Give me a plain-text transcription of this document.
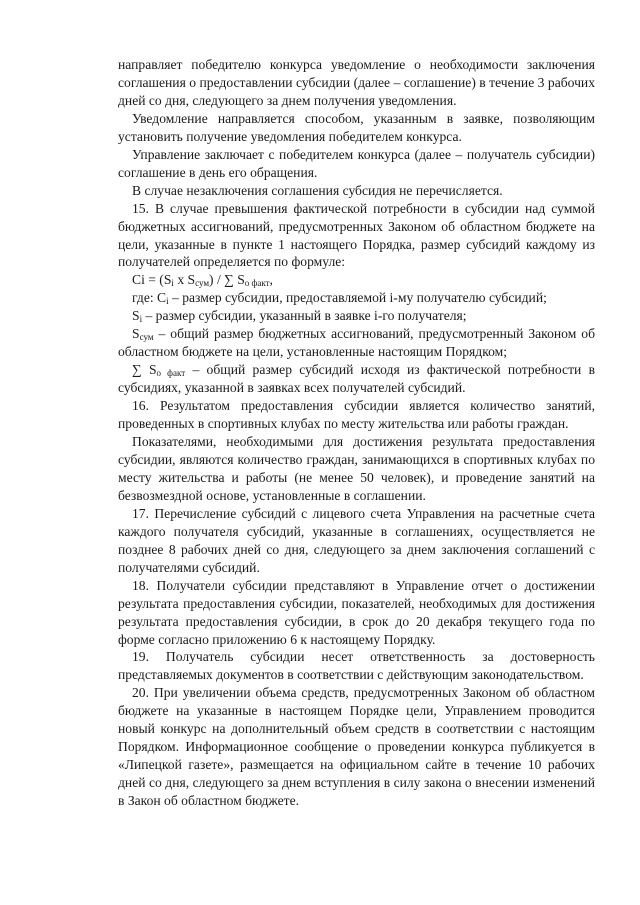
направляет победителю конкурса уведомление о необходимости заключения соглашения о предоставлении субсидии (далее – соглашение) в течение 3 рабочих дней со дня, следующего за днем получения уведомления.

Уведомление направляется способом, указанным в заявке, позволяющим установить получение уведомления победителем конкурса.

Управление заключает с победителем конкурса (далее – получатель субсидии) соглашение в день его обращения.

В случае незаключения соглашения субсидия не перечисляется.

15. В случае превышения фактической потребности в субсидии над суммой бюджетных ассигнований, предусмотренных Законом об областном бюджете на цели, указанные в пункте 1 настоящего Порядка, размер субсидий каждому из получателей определяется по формуле:

$Ci = (S_i$ x $S_{сум}$) / ∑ $S_{о факт}$,

где: $С_i$ – размер субсидии, предоставляемой i-му получателю субсидий;

$S_i$ – размер субсидии, указанный в заявке i-го получателя;

$S_{сум}$ – общий размер бюджетных ассигнований, предусмотренный Законом об областном бюджете на цели, установленные настоящим Порядком;

∑ $S_{о факт}$ – общий размер субсидий исходя из фактической потребности в субсидиях, указанной в заявках всех получателей субсидий.

16. Результатом предоставления субсидии является количество занятий, проведенных в спортивных клубах по месту жительства или работы граждан.

Показателями, необходимыми для достижения результата предоставления субсидии, являются количество граждан, занимающихся в спортивных клубах по месту жительства и работы (не менее 50 человек), и проведение занятий на безвозмездной основе, установленные в соглашении.

17. Перечисление субсидий с лицевого счета Управления на расчетные счета каждого получателя субсидий, указанные в соглашениях, осуществляется не позднее 8 рабочих дней со дня, следующего за днем заключения соглашений с получателями субсидий.

18. Получатели субсидии представляют в Управление отчет о достижении результата предоставления субсидии, показателей, необходимых для достижения результата предоставления субсидии, в срок до 20 декабря текущего года по форме согласно приложению 6 к настоящему Порядку.

19. Получатель субсидии несет ответственность за достоверность представляемых документов в соответствии с действующим законодательством.

20. При увеличении объема средств, предусмотренных Законом об областном бюджете на указанные в настоящем Порядке цели, Управлением проводится новый конкурс на дополнительный объем средств в соответствии с настоящим Порядком. Информационное сообщение о проведении конкурса публикуется в «Липецкой газете», размещается на официальном сайте в течение 10 рабочих дней со дня, следующего за днем вступления в силу закона о внесении изменений в Закон об областном бюджете.
